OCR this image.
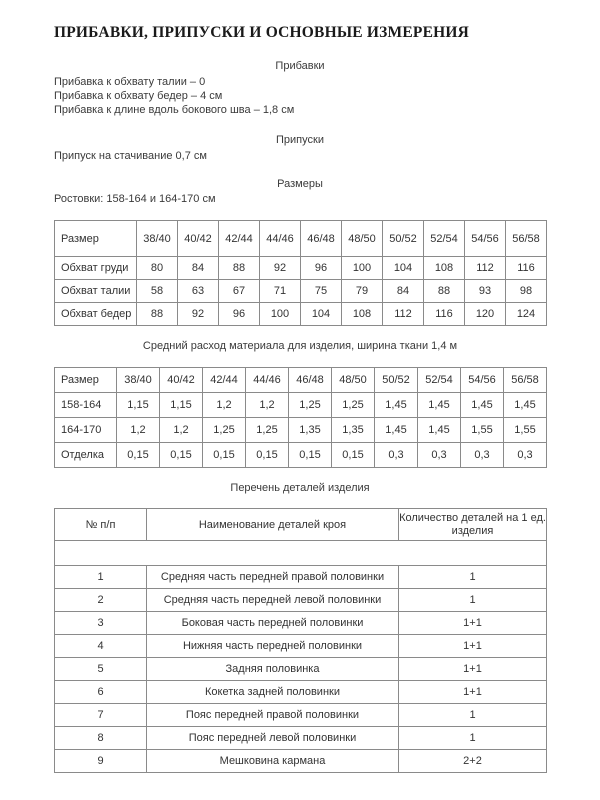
ПРИБАВКИ, ПРИПУСКИ И ОСНОВНЫЕ ИЗМЕРЕНИЯ
Прибавки
Прибавка к обхвату талии – 0
Прибавка к обхвату бедер – 4 см
Прибавка к длине вдоль бокового шва – 1,8 см
Припуски
Припуск на стачивание 0,7 см
Размеры
Ростовки: 158-164 и 164-170 см
Размер	38/40	40/42	42/44	44/46	46/48	48/50	50/52	52/54	54/56	56/58
Обхват груди	80	84	88	92	96	100	104	108	112	116
Обхват талии	58	63	67	71	75	79	84	88	93	98
Обхват бедер	88	92	96	100	104	108	112	116	120	124
Средний расход материала для изделия, ширина ткани 1,4 м
Размер	38/40	40/42	42/44	44/46	46/48	48/50	50/52	52/54	54/56	56/58
158-164	1,15	1,15	1,2	1,2	1,25	1,25	1,45	1,45	1,45	1,45
164-170	1,2	1,2	1,25	1,25	1,35	1,35	1,45	1,45	1,55	1,55
Отделка	0,15	0,15	0,15	0,15	0,15	0,15	0,3	0,3	0,3	0,3
Перечень деталей изделия
№ п/п	Наименование деталей кроя	Количество деталей на 1 ед. изделия

1	Средняя часть передней правой половинки	1
2	Средняя часть передней левой половинки	1
3	Боковая часть передней половинки	1+1
4	Нижняя часть передней половинки	1+1
5	Задняя половинка	1+1
6	Кокетка задней половинки	1+1
7	Пояс передней правой половинки	1
8	Пояс передней левой половинки	1
9	Мешковина кармана	2+2
